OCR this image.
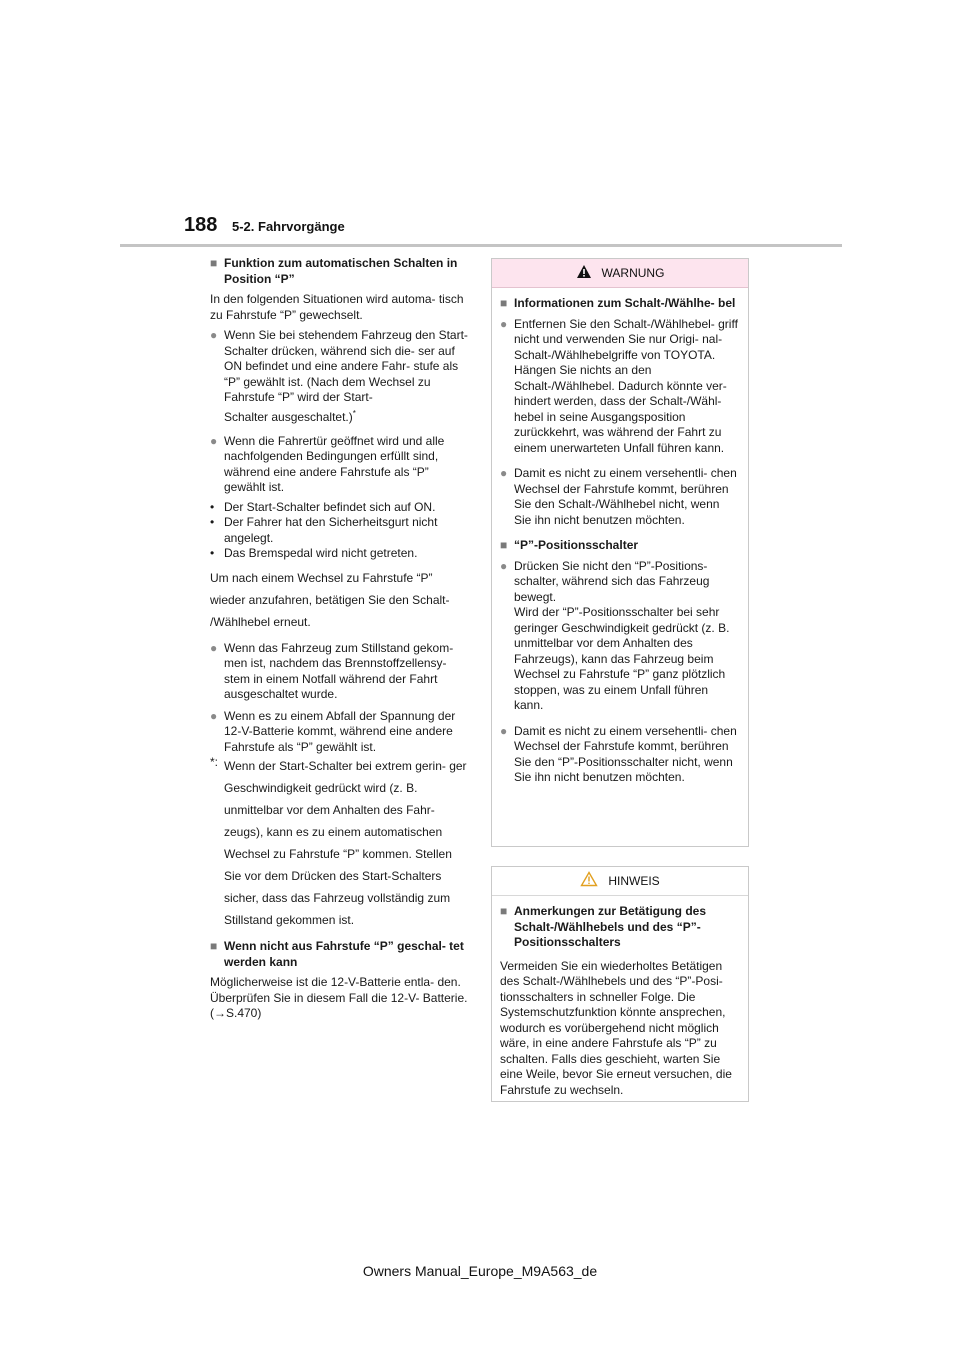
188 5-2. Fahrvorgänge
■ Funktion zum automatischen Schalten in Position “P”

In den folgenden Situationen wird automa- tisch zu Fahrstufe “P” gewechselt.

● Wenn Sie bei stehendem Fahrzeug den Start-Schalter drücken, während sich die- ser auf ON befindet und eine andere Fahr- stufe als “P” gewählt ist. (Nach dem Wechsel zu Fahrstufe “P” wird der Start-
Schalter ausgeschaltet.)*
● Wenn die Fahrertür geöffnet wird und alle nachfolgenden Bedingungen erfüllt sind, während eine andere Fahrstufe als “P” gewählt ist.
• Der Start-Schalter befindet sich auf ON.
• Der Fahrer hat den Sicherheitsgurt nicht angelegt.
• Das Bremspedal wird nicht getreten.

Um nach einem Wechsel zu Fahrstufe “P” wieder anzufahren, betätigen Sie den Schalt- /Wählhebel erneut.

● Wenn das Fahrzeug zum Stillstand gekom- men ist, nachdem das Brennstoffzellensy- stem in einem Notfall während der Fahrt ausgeschaltet wurde.
● Wenn es zu einem Abfall der Spannung der 12-V-Batterie kommt, während eine andere Fahrstufe als “P” gewählt ist.
*: Wenn der Start-Schalter bei extrem gerin- ger Geschwindigkeit gedrückt wird (z. B. unmittelbar vor dem Anhalten des Fahr- zeugs), kann es zu einem automatischen Wechsel zu Fahrstufe “P” kommen. Stellen Sie vor dem Drücken des Start-Schalters sicher, dass das Fahrzeug vollständig zum Stillstand gekommen ist.
■ Wenn nicht aus Fahrstufe “P” geschal- tet werden kann

Möglicherweise ist die 12-V-Batterie entla- den. Überprüfen Sie in diesem Fall die 12-V- Batterie. (→S.470)

WARNUNG
■ Informationen zum Schalt-/Wählhe- bel
● Entfernen Sie den Schalt-/Wählhebel- griff nicht und verwenden Sie nur Origi- nal-Schalt-/Wählhebelgriffe von TOYOTA. Hängen Sie nichts an den Schalt-/Wählhebel. Dadurch könnte ver- hindert werden, dass der Schalt-/Wähl- hebel in seine Ausgangsposition zurückkehrt, was während der Fahrt zu einem unerwarteten Unfall führen kann.
● Damit es nicht zu einem versehentli- chen Wechsel der Fahrstufe kommt, berühren Sie den Schalt-/Wählhebel nicht, wenn Sie ihn nicht benutzen möchten.
■ “P”-Positionsschalter
● Drücken Sie nicht den “P”-Positions- schalter, während sich das Fahrzeug bewegt.
Wird der “P”-Positionsschalter bei sehr geringer Geschwindigkeit gedrückt (z. B. unmittelbar vor dem Anhalten des Fahrzeugs), kann das Fahrzeug beim Wechsel zu Fahrstufe “P” ganz plötzlich stoppen, was zu einem Unfall führen kann.
● Damit es nicht zu einem versehentli- chen Wechsel der Fahrstufe kommt, berühren Sie den “P”-Positionsschalter nicht, wenn Sie ihn nicht benutzen möchten.
HINWEIS
■ Anmerkungen zur Betätigung des Schalt-/Wählhebels und des “P”- Positionsschalters

Vermeiden Sie ein wiederholtes Betätigen des Schalt-/Wählhebels und des “P”-Posi- tionsschalters in schneller Folge. Die Systemschutzfunktion könnte ansprechen, wodurch es vorübergehend nicht möglich wäre, in eine andere Fahrstufe als “P” zu schalten. Falls dies geschieht, warten Sie eine Weile, bevor Sie erneut versuchen, die Fahrstufe zu wechseln.

Owners Manual_Europe_M9A563_de
